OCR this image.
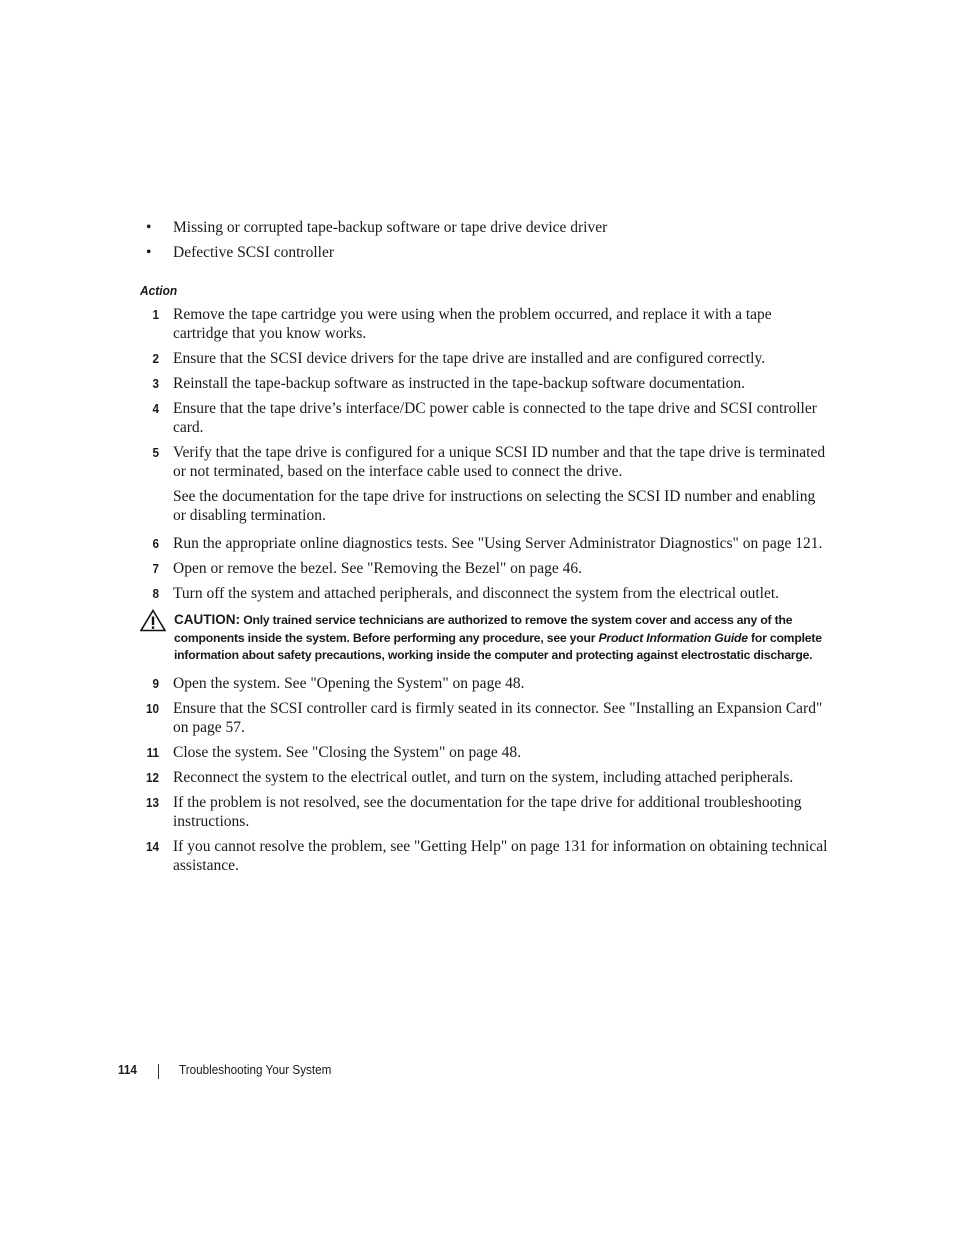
• Missing or corrupted tape-backup software or tape drive device driver
• Defective SCSI controller
Action
1 Remove the tape cartridge you were using when the problem occurred, and replace it with a tape cartridge that you know works.
2 Ensure that the SCSI device drivers for the tape drive are installed and are configured correctly.
3 Reinstall the tape-backup software as instructed in the tape-backup software documentation.
4 Ensure that the tape drive’s interface/DC power cable is connected to the tape drive and SCSI controller card.
5 Verify that the tape drive is configured for a unique SCSI ID number and that the tape drive is terminated or not terminated, based on the interface cable used to connect the drive.
See the documentation for the tape drive for instructions on selecting the SCSI ID number and enabling or disabling termination.
6 Run the appropriate online diagnostics tests. See "Using Server Administrator Diagnostics" on page 121.
7 Open or remove the bezel. See "Removing the Bezel" on page 46.
8 Turn off the system and attached peripherals, and disconnect the system from the electrical outlet.
CAUTION: Only trained service technicians are authorized to remove the system cover and access any of the components inside the system. Before performing any procedure, see your Product Information Guide for complete information about safety precautions, working inside the computer and protecting against electrostatic discharge.
9 Open the system. See "Opening the System" on page 48.
10 Ensure that the SCSI controller card is firmly seated in its connector. See "Installing an Expansion Card" on page 57.
11 Close the system. See "Closing the System" on page 48.
12 Reconnect the system to the electrical outlet, and turn on the system, including attached peripherals.
13 If the problem is not resolved, see the documentation for the tape drive for additional troubleshooting instructions.
14 If you cannot resolve the problem, see "Getting Help" on page 131 for information on obtaining technical assistance.
114	Troubleshooting Your System
